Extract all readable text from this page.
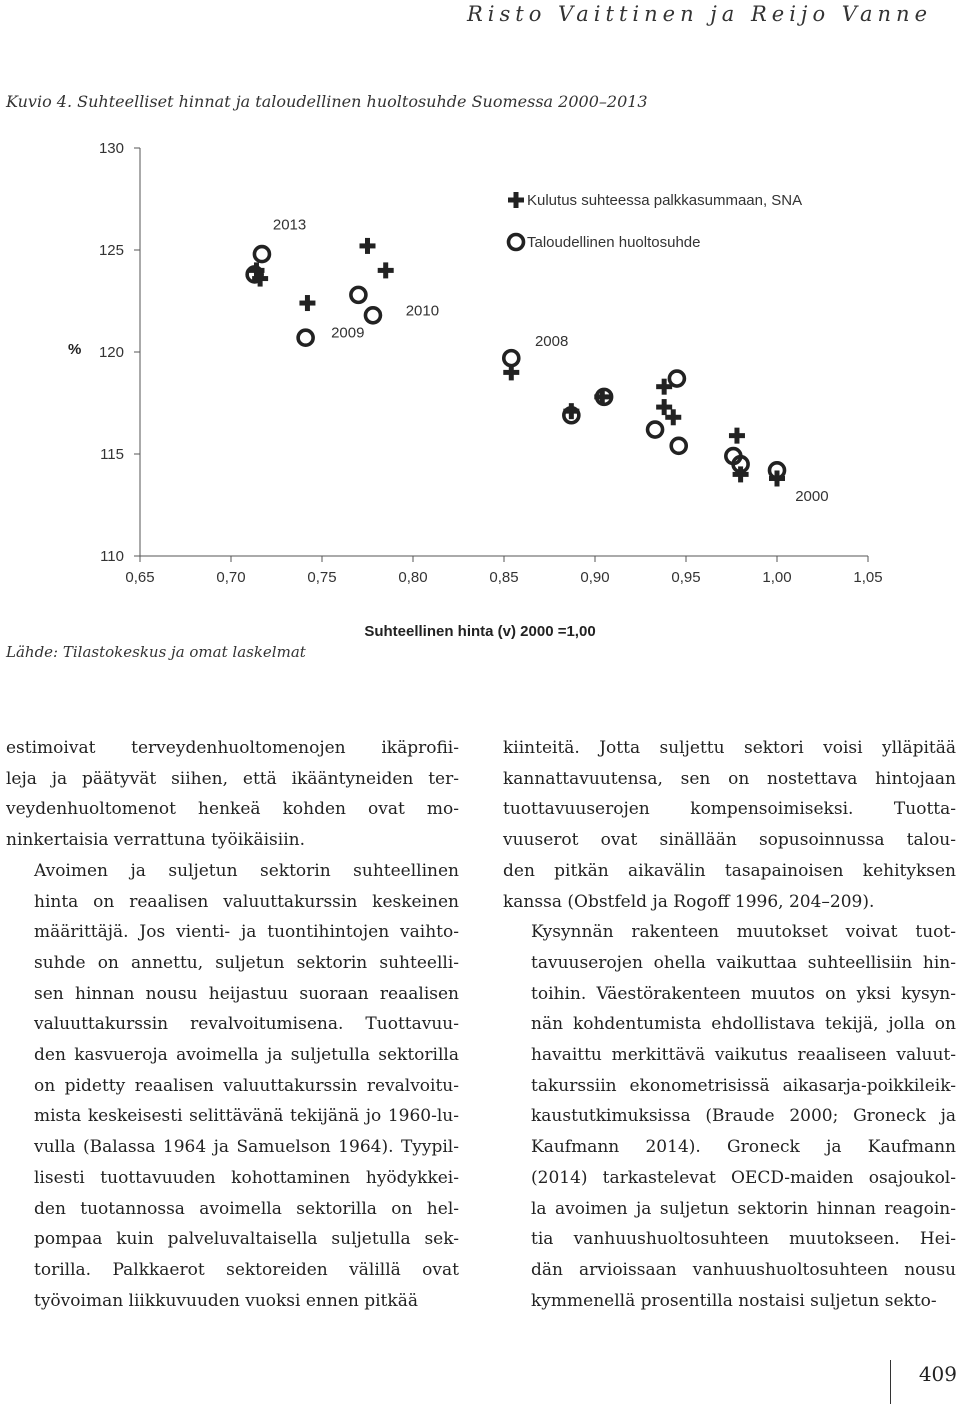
Risto Vaittinen ja Reijo Vanne
Kuvio 4. Suhteelliset hinnat ja taloudellinen huoltosuhde Suomessa 2000–2013
110
115
120
125
130
0,65	0,70	0,75	0,80	0,85	0,90	0,95	1,00	1,05
2013
2010
2009	2008
2000
Kulutus suhteessa palkkasummaan, SNA
Taloudellinen huoltosuhde
%
Suhteellinen hinta (v) 2000 =1,00
Lähde: Tilastokeskus ja omat laskelmat

estimoivat terveydenhuoltomenojen ikäprofii-
leja ja päätyvät siihen, että ikääntyneiden ter-
veydenhuoltomenot henkeä kohden ovat mo-
ninkertaisia verrattuna työikäisiin.

Avoimen ja suljetun sektorin suhteellinen
hinta on reaalisen valuuttakurssin keskeinen
määrittäjä. Jos vienti- ja tuontihintojen vaihto-
suhde on annettu, suljetun sektorin suhteelli-
sen hinnan nousu heijastuu suoraan reaalisen
valuuttakurssin revalvoitumisena. Tuottavuu-
den kasvueroja avoimella ja suljetulla sektorilla
on pidetty reaalisen valuuttakurssin revalvoitu-
mista keskeisesti selittävänä tekijänä jo 1960-lu-
vulla (Balassa 1964 ja Samuelson 1964). Tyypil-
lisesti tuottavuuden kohottaminen hyödykkei-
den tuotannossa avoimella sektorilla on hel-
pompaa kuin palveluvaltaisella suljetulla sek-
torilla. Palkkaerot sektoreiden välillä ovat
työvoiman liikkuvuuden vuoksi ennen pitkää

kiinteitä. Jotta suljettu sektori voisi ylläpitää
kannattavuutensa, sen on nostettava hintojaan
tuottavuuserojen kompensoimiseksi. Tuotta-
vuuserot ovat sinällään sopusoinnussa talou-
den pitkän aikavälin tasapainoisen kehityksen
kanssa (Obstfeld ja Rogoff 1996, 204–209).

Kysynnän rakenteen muutokset voivat tuot-
tavuuserojen ohella vaikuttaa suhteellisiin hin-
toihin. Väestörakenteen muutos on yksi kysyn-
nän kohdentumista ehdollistava tekijä, jolla on
havaittu merkittävä vaikutus reaaliseen valuut-
takurssiin ekonometrisissä aikasarja-poikkileik-
kaustutkimuksissa (Braude 2000; Groneck ja
Kaufmann 2014). Groneck ja Kaufmann
(2014) tarkastelevat OECD-maiden osajoukol-
la avoimen ja suljetun sektorin hinnan reagoin-
tia vanhuushuoltosuhteen muutokseen. Hei-
dän arvioissaan vanhuushuoltosuhteen nousu
kymmenellä prosentilla nostaisi suljetun sekto-

409
